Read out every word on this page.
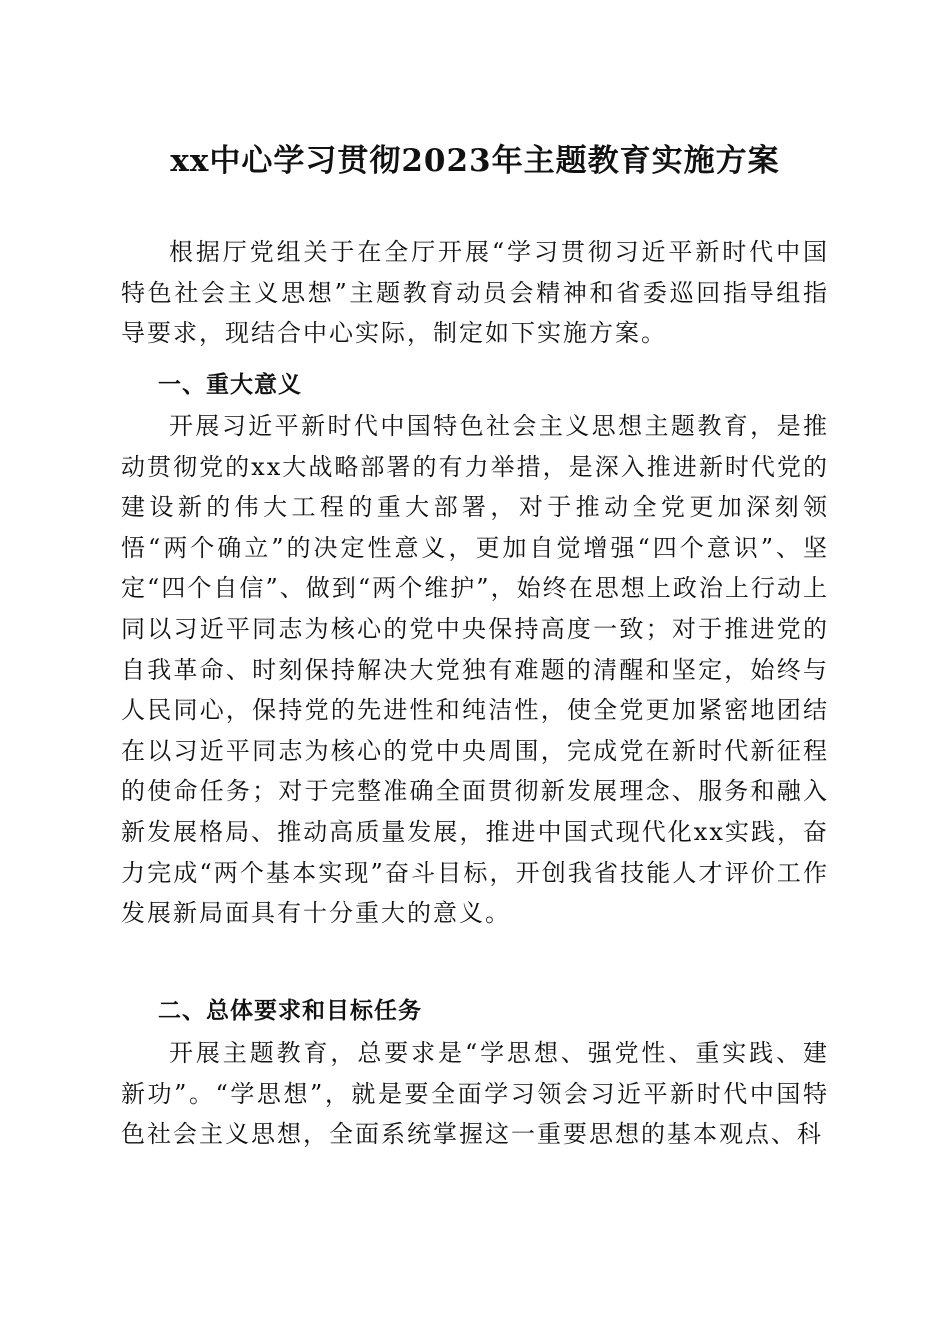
xx中心学习贯彻2023年主题教育实施方案

根据厅党组关于在全厅开展“学习贯彻习近平新时代中国特色社会主义思想”主题教育动员会精神和省委巡回指导组指导要求，现结合中心实际，制定如下实施方案。

一、重大意义

开展习近平新时代中国特色社会主义思想主题教育，是推动贯彻党的xx大战略部署的有力举措，是深入推进新时代党的建设新的伟大工程的重大部署，对于推动全党更加深刻领悟“两个确立”的决定性意义，更加自觉增强“四个意识”、坚定“四个自信”、做到“两个维护”，始终在思想上政治上行动上同以习近平同志为核心的党中央保持高度一致；对于推进党的自我革命、时刻保持解决大党独有难题的清醒和坚定，始终与人民同心，保持党的先进性和纯洁性，使全党更加紧密地团结在以习近平同志为核心的党中央周围，完成党在新时代新征程的使命任务；对于完整准确全面贯彻新发展理念、服务和融入新发展格局、推动高质量发展，推进中国式现代化xx实践，奋力完成“两个基本实现”奋斗目标，开创我省技能人才评价工作发展新局面具有十分重大的意义。

二、总体要求和目标任务

开展主题教育，总要求是“学思想、强党性、重实践、建新功”。“学思想”，就是要全面学习领会习近平新时代中国特色社会主义思想，全面系统掌握这一重要思想的基本观点、科
